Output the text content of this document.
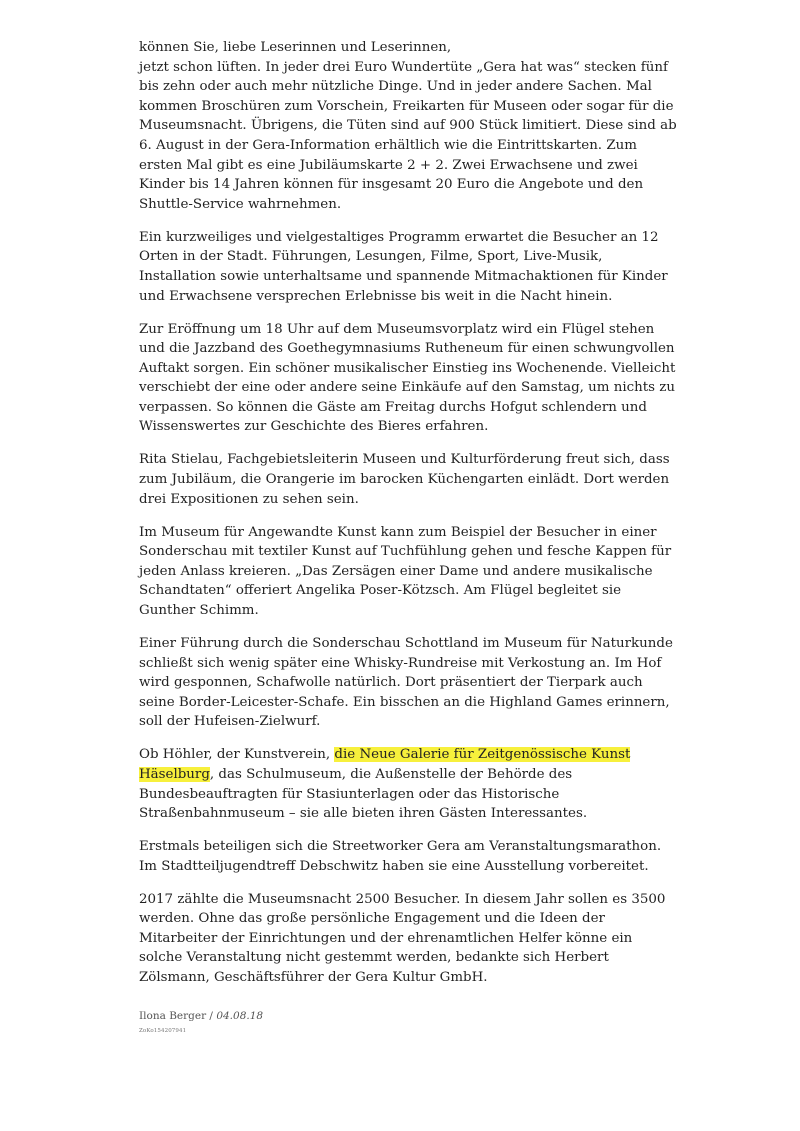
können Sie, liebe Leserinnen und Leserinnen,
jetzt schon lüften. In jeder drei Euro Wundertüte „Gera hat was“ stecken fünf bis zehn oder auch mehr nützliche Dinge. Und in jeder andere Sachen. Mal kommen Broschüren zum Vorschein, Freikarten für Museen oder sogar für die Museumsnacht. Übrigens, die Tüten sind auf 900 Stück limitiert. Diese sind ab 6. August in der Gera-Information erhältlich wie die Eintrittskarten. Zum ersten Mal gibt es eine Jubiläumskarte 2 + 2. Zwei Erwachsene und zwei Kinder bis 14 Jahren können für insgesamt 20 Euro die Angebote und den Shuttle-Service wahrnehmen.

Ein kurzweiliges und vielgestaltiges Programm erwartet die Besucher an 12 Orten in der Stadt. Führungen, Lesungen, Filme, Sport, Live-Musik, Installation sowie unterhaltsame und spannende Mitmachaktionen für Kinder und Erwachsene versprechen Erlebnisse bis weit in die Nacht hinein.

Zur Eröffnung um 18 Uhr auf dem Museumsvorplatz wird ein Flügel stehen und die Jazzband des Goethegymnasiums Rutheneum für einen schwungvollen Auftakt sorgen. Ein schöner musikalischer Einstieg ins Wochenende. Vielleicht verschiebt der eine oder andere seine Einkäufe auf den Samstag, um nichts zu verpassen. So können die Gäste am Freitag durchs Hofgut schlendern und Wissenswertes zur Geschichte des Bieres erfahren.

Rita Stielau, Fachgebietsleiterin Museen und Kulturförderung freut sich, dass zum Jubiläum, die Orangerie im barocken Küchengarten einlädt. Dort werden drei Expositionen zu sehen sein.

Im Museum für Angewandte Kunst kann zum Beispiel der Besucher in einer Sonderschau mit textiler Kunst auf Tuchfühlung gehen und fesche Kappen für jeden Anlass kreieren. „Das Zersägen einer Dame und andere musikalische Schandtaten“ offeriert Angelika Poser-Kötzsch. Am Flügel begleitet sie Gunther Schimm.

Einer Führung durch die Sonderschau Schottland im Museum für Naturkunde schließt sich wenig später eine Whisky-Rundreise mit Verkostung an. Im Hof wird gesponnen, Schafwolle natürlich. Dort präsentiert der Tierpark auch seine Border-Leicester-Schafe. Ein bisschen an die Highland Games erinnern, soll der Hufeisen-Zielwurf.

Ob Höhler, der Kunstverein, die Neue Galerie für Zeitgenössische Kunst Häselburg, das Schulmuseum, die Außenstelle der Behörde des Bundesbeauftragten für Stasiunterlagen oder das Historische Straßenbahnmuseum – sie alle bieten ihren Gästen Interessantes.

Erstmals beteiligen sich die Streetworker Gera am Veranstaltungsmarathon. Im Stadtteiljugendtreff Debschwitz haben sie eine Ausstellung vorbereitet.

2017 zählte die Museumsnacht 2500 Besucher. In diesem Jahr sollen es 3500 werden. Ohne das große persönliche Engagement und die Ideen der Mitarbeiter der Einrichtungen und der ehrenamtlichen Helfer könne ein solche Veranstaltung nicht gestemmt werden, bedankte sich Herbert Zölsmann, Geschäftsführer der Gera Kultur GmbH.

Ilona Berger / 04.08.18
ZoKo154207941
